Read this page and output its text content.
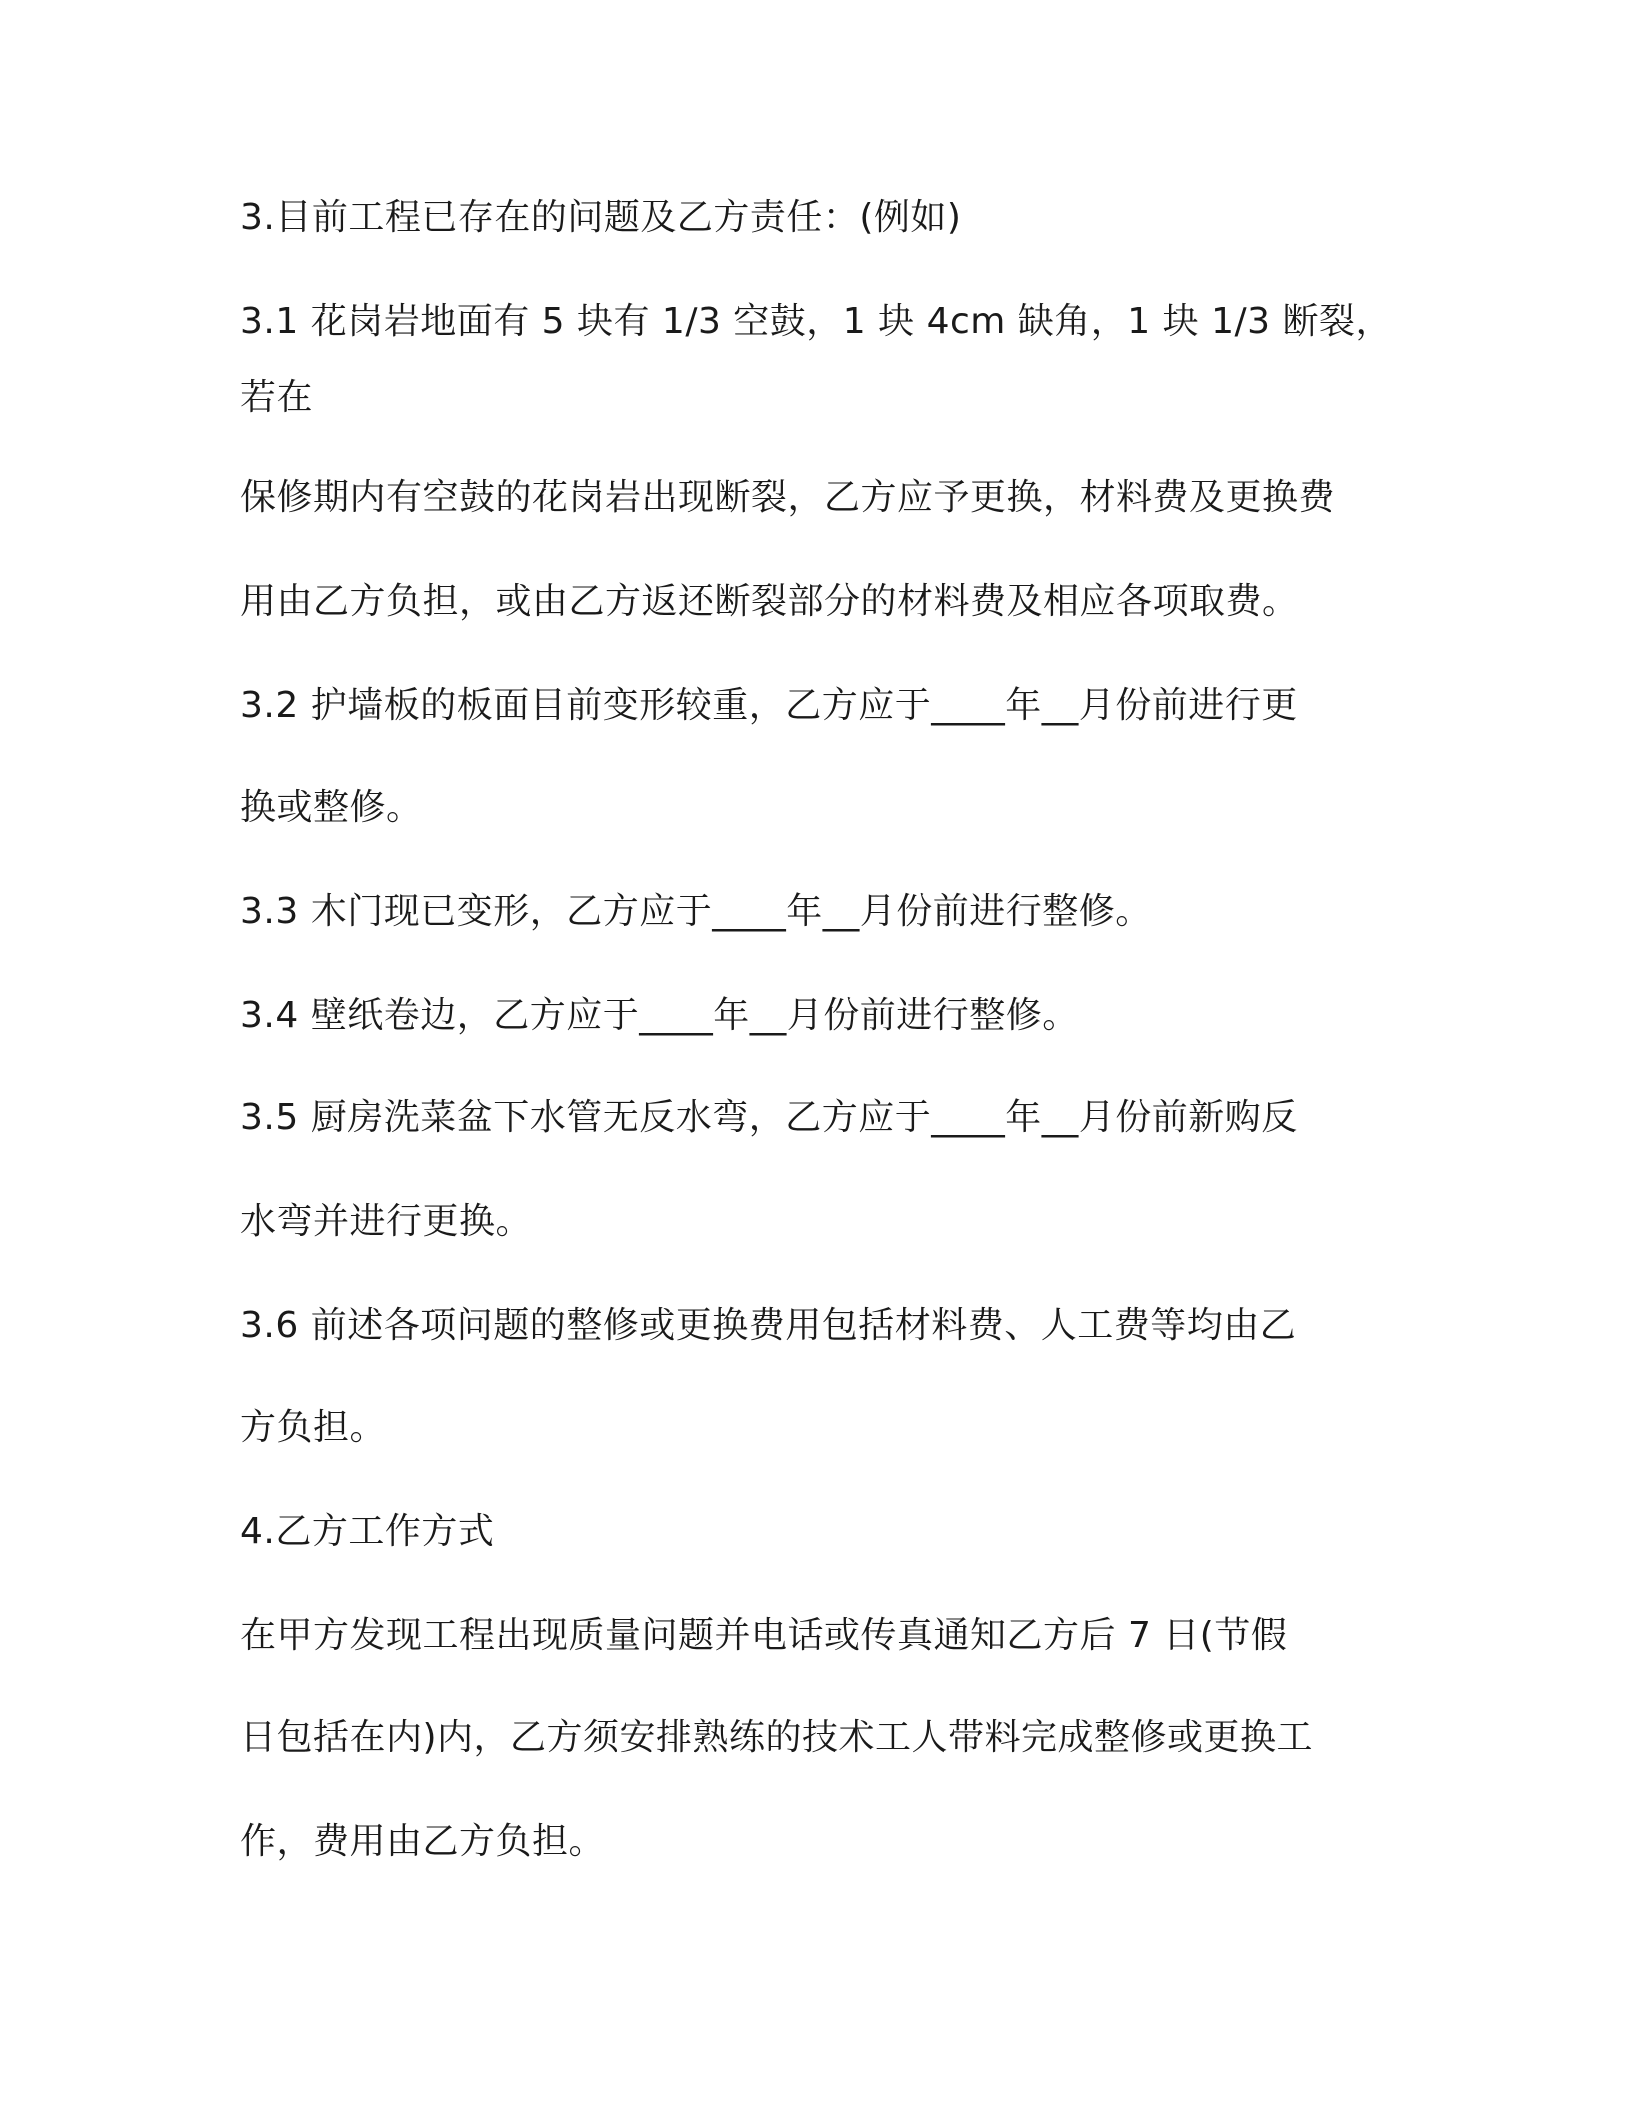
3.目前工程已存在的问题及乙方责任：(例如)
3.1 花岗岩地面有 5 块有 1/3 空鼓，1 块 4cm 缺角，1 块 1/3 断裂，
若在
保修期内有空鼓的花岗岩出现断裂，乙方应予更换，材料费及更换费
用由乙方负担，或由乙方返还断裂部分的材料费及相应各项取费。
3.2 护墙板的板面目前变形较重，乙方应于____年__月份前进行更
换或整修。
3.3 木门现已变形，乙方应于____年__月份前进行整修。
3.4 壁纸卷边，乙方应于____年__月份前进行整修。
3.5 厨房洗菜盆下水管无反水弯，乙方应于____年__月份前新购反
水弯并进行更换。
3.6 前述各项问题的整修或更换费用包括材料费、人工费等均由乙
方负担。
4.乙方工作方式
在甲方发现工程出现质量问题并电话或传真通知乙方后 7 日(节假
日包括在内)内，乙方须安排熟练的技术工人带料完成整修或更换工
作，费用由乙方负担。
